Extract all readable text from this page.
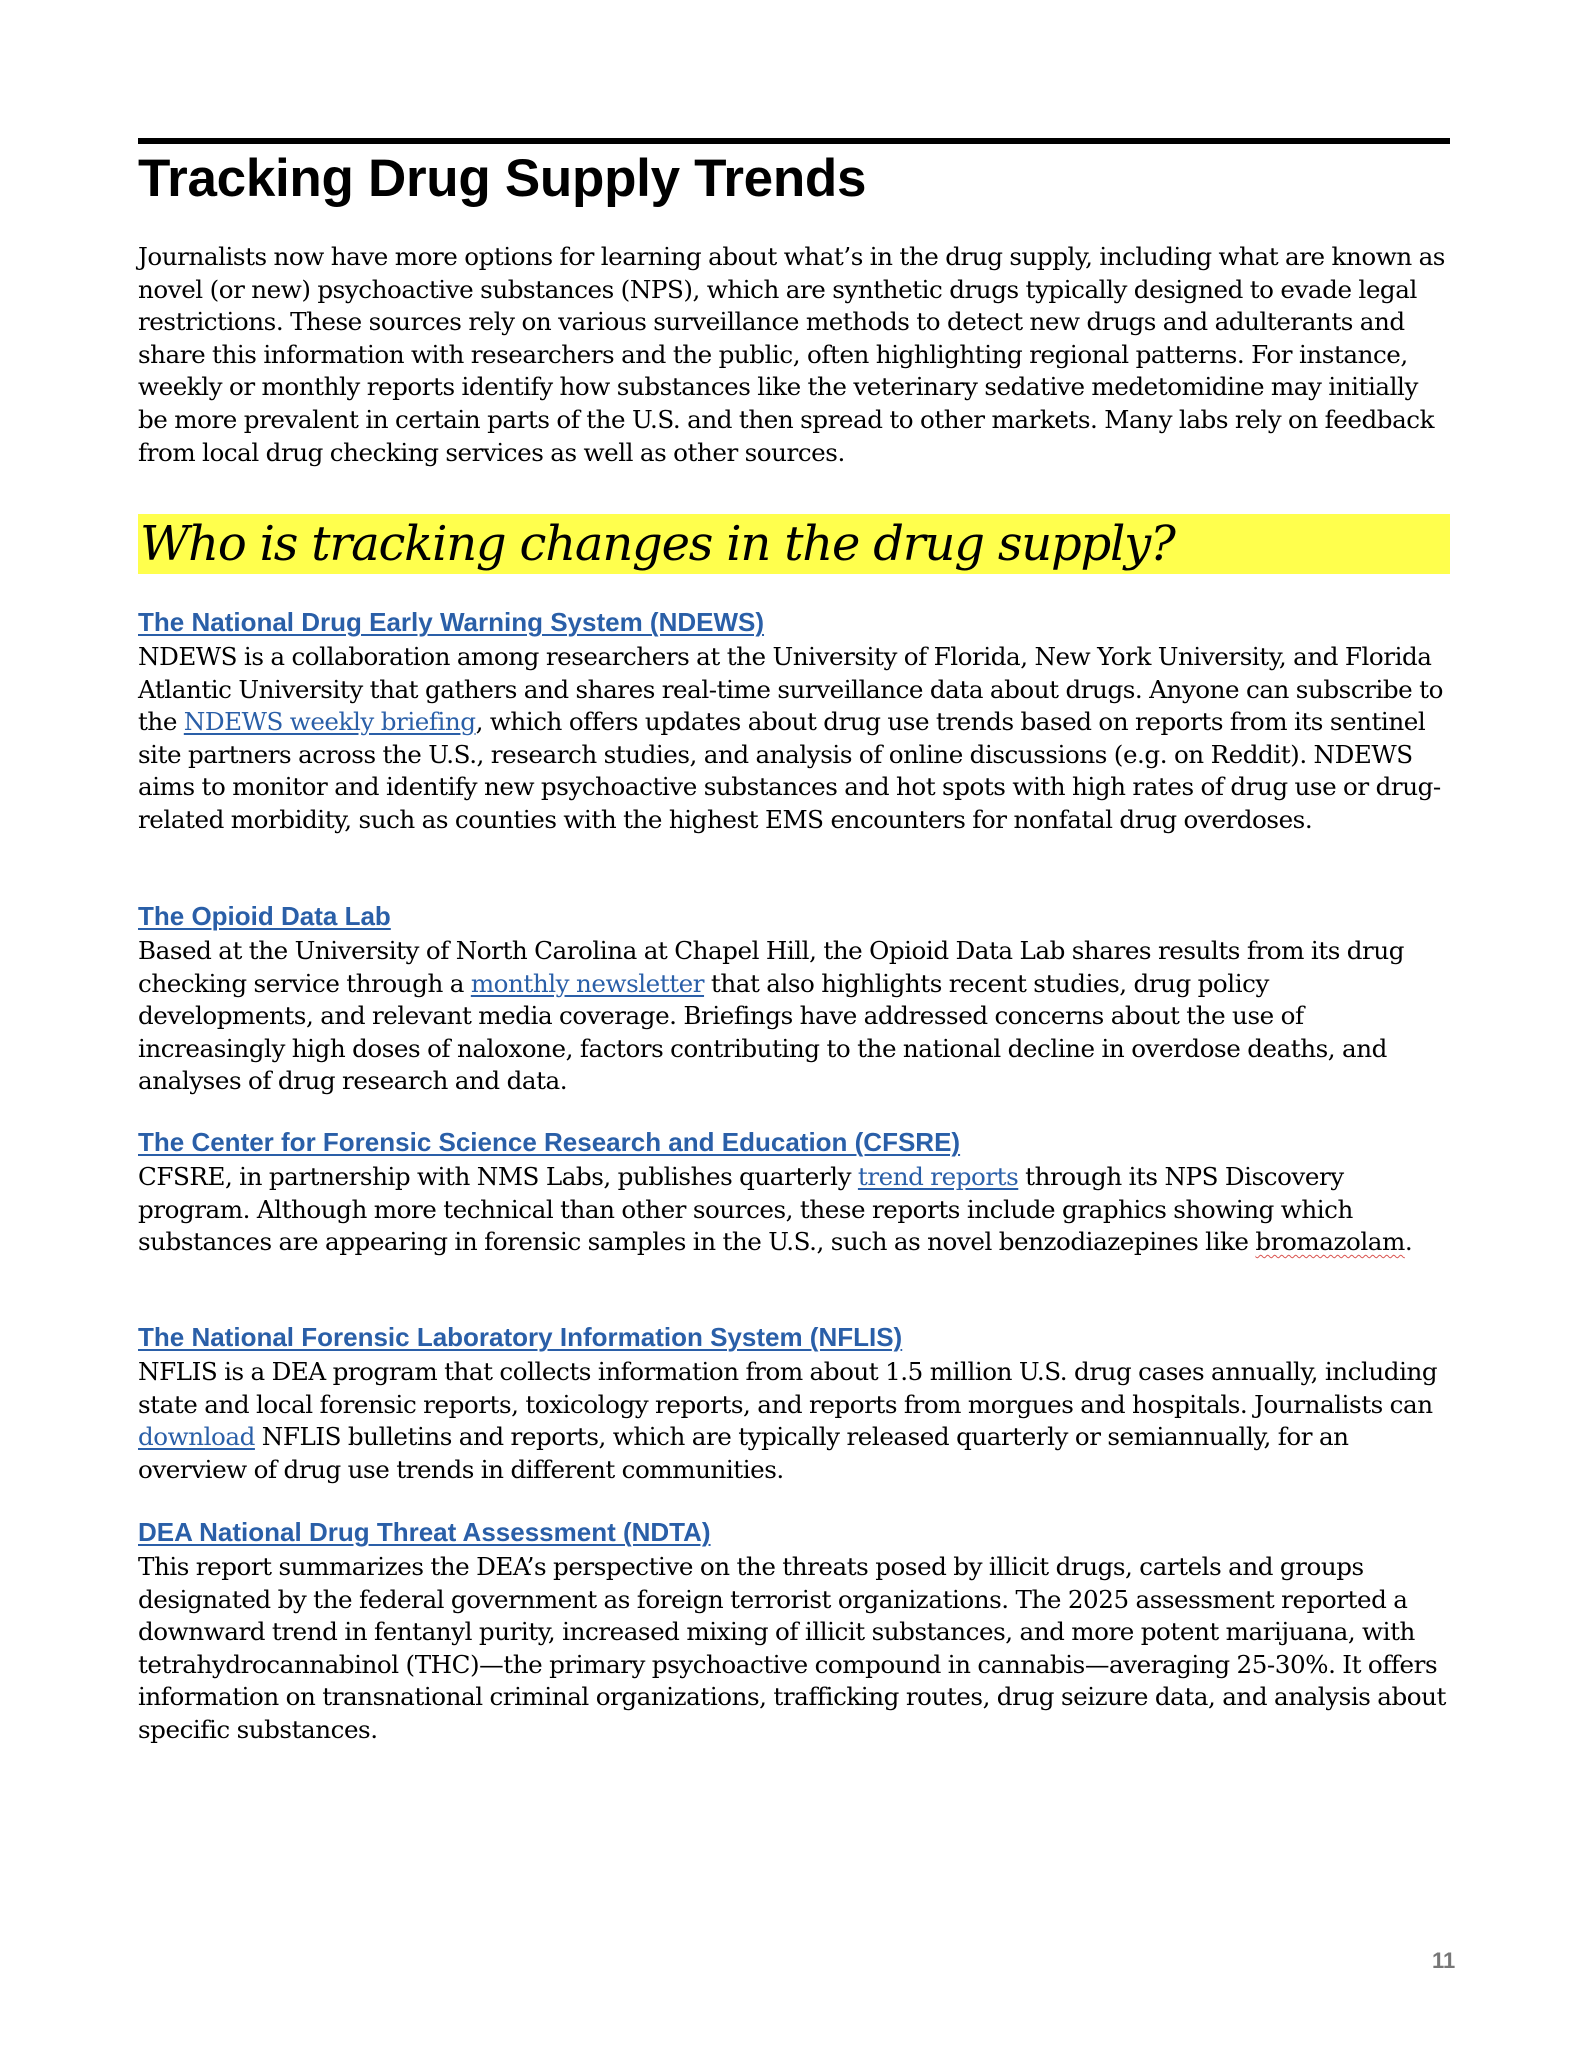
Tracking Drug Supply Trends

Journalists now have more options for learning about what’s in the drug supply, including what are known as novel (or new) psychoactive substances (NPS), which are synthetic drugs typically designed to evade legal restrictions. These sources rely on various surveillance methods to detect new drugs and adulterants and share this information with researchers and the public, often highlighting regional patterns. For instance, weekly or monthly reports identify how substances like the veterinary sedative medetomidine may initially be more prevalent in certain parts of the U.S. and then spread to other markets. Many labs rely on feedback from local drug checking services as well as other sources.

Who is tracking changes in the drug supply?
The National Drug Early Warning System (NDEWS)

NDEWS is a collaboration among researchers at the University of Florida, New York University, and Florida Atlantic University that gathers and shares real-time surveillance data about drugs. Anyone can subscribe to the NDEWS weekly briefing, which offers updates about drug use trends based on reports from its sentinel site partners across the U.S., research studies, and analysis of online discussions (e.g. on Reddit). NDEWS aims to monitor and identify new psychoactive substances and hot spots with high rates of drug use or drug-related morbidity, such as counties with the highest EMS encounters for nonfatal drug overdoses.

The Opioid Data Lab

Based at the University of North Carolina at Chapel Hill, the Opioid Data Lab shares results from its drug checking service through a monthly newsletter that also highlights recent studies, drug policy developments, and relevant media coverage. Briefings have addressed concerns about the use of increasingly high doses of naloxone, factors contributing to the national decline in overdose deaths, and analyses of drug research and data.

The Center for Forensic Science Research and Education (CFSRE)

CFSRE, in partnership with NMS Labs, publishes quarterly trend reports through its NPS Discovery program. Although more technical than other sources, these reports include graphics showing which substances are appearing in forensic samples in the U.S., such as novel benzodiazepines like bromazolam.

The National Forensic Laboratory Information System (NFLIS)

NFLIS is a DEA program that collects information from about 1.5 million U.S. drug cases annually, including state and local forensic reports, toxicology reports, and reports from morgues and hospitals. Journalists can download NFLIS bulletins and reports, which are typically released quarterly or semiannually, for an overview of drug use trends in different communities.

DEA National Drug Threat Assessment (NDTA)

This report summarizes the DEA’s perspective on the threats posed by illicit drugs, cartels and groups designated by the federal government as foreign terrorist organizations. The 2025 assessment reported a downward trend in fentanyl purity, increased mixing of illicit substances, and more potent marijuana, with tetrahydrocannabinol (THC)—the primary psychoactive compound in cannabis—averaging 25-30%. It offers information on transnational criminal organizations, trafficking routes, drug seizure data, and analysis about specific substances.

11
